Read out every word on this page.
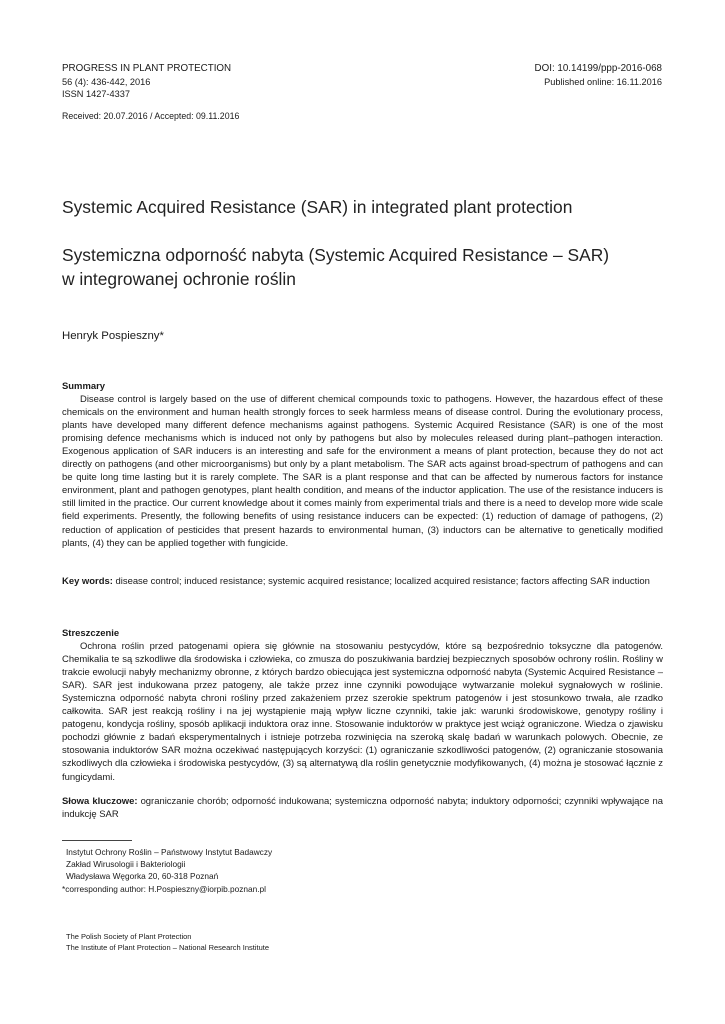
PROGRESS IN PLANT PROTECTION
56 (4): 436-442, 2016
ISSN 1427-4337
DOI: 10.14199/ppp-2016-068
Published online: 16.11.2016
Received: 20.07.2016 / Accepted: 09.11.2016
Systemic Acquired Resistance (SAR) in integrated plant protection
Systemiczna odporność nabyta (Systemic Acquired Resistance – SAR)
w integrowanej ochronie roślin
Henryk Pospieszny*
Summary

Disease control is largely based on the use of different chemical compounds toxic to pathogens. However, the hazardous effect of these chemicals on the environment and human health strongly forces to seek harmless means of disease control. During the evolutionary process, plants have developed many different defence mechanisms against pathogens. Systemic Acquired Resistance (SAR) is one of the most promising defence mechanisms which is induced not only by pathogens but also by molecules released during plant–pathogen interaction. Exogenous application of SAR inducers is an interesting and safe for the environment a means of plant protection, because they do not act directly on pathogens (and other microorganisms) but only by a plant metabolism. The SAR acts against broad-spectrum of pathogens and can be quite long time lasting but it is rarely complete. The SAR is a plant response and that can be affected by numerous factors for instance environment, plant and pathogen genotypes, plant health condition, and means of the inductor application. The use of the resistance inducers is still limited in the practice. Our current knowledge about it comes mainly from experimental trials and there is a need to develop more wide scale field experiments. Presently, the following benefits of using resistance inducers can be expected: (1) reduction of damage of pathogens, (2) reduction of application of pesticides that present hazards to environmental human, (3) inductors can be alternative to genetically modified plants, (4) they can be applied together with fungicide.

Key words: disease control; induced resistance; systemic acquired resistance; localized acquired resistance; factors affecting SAR induction
Streszczenie

Ochrona roślin przed patogenami opiera się głównie na stosowaniu pestycydów, które są bezpośrednio toksyczne dla patogenów. Chemikalia te są szkodliwe dla środowiska i człowieka, co zmusza do poszukiwania bardziej bezpiecznych sposobów ochrony roślin. Rośliny w trakcie ewolucji nabyły mechanizmy obronne, z których bardzo obiecująca jest systemiczna odporność nabyta (Systemic Acquired Resistance – SAR). SAR jest indukowana przez patogeny, ale także przez inne czynniki powodujące wytwarzanie molekuł sygnałowych w roślinie. Systemiczna odporność nabyta chroni rośliny przed zakażeniem przez szerokie spektrum patogenów i jest stosunkowo trwała, ale rzadko całkowita. SAR jest reakcją rośliny i na jej wystąpienie mają wpływ liczne czynniki, takie jak: warunki środowiskowe, genotypy rośliny i patogenu, kondycja rośliny, sposób aplikacji induktora oraz inne. Stosowanie induktorów w praktyce jest wciąż ograniczone. Wiedza o zjawisku pochodzi głównie z badań eksperymentalnych i istnieje potrzeba rozwinięcia na szeroką skalę badań w warunkach polowych. Obecnie, ze stosowania induktorów SAR można oczekiwać następujących korzyści: (1) ograniczanie szkodliwości patogenów, (2) ograniczanie stosowania szkodliwych dla człowieka i środowiska pestycydów, (3) są alternatywą dla roślin genetycznie modyfikowanych, (4) można je stosować łącznie z fungicydami.

Słowa kluczowe: ograniczanie chorób; odporność indukowana; systemiczna odporność nabyta; induktory odporności; czynniki wpływające na indukcję SAR
Instytut Ochrony Roślin – Państwowy Instytut Badawczy
Zakład Wirusologii i Bakteriologii
Władysława Węgorka 20, 60-318 Poznań
*corresponding author: H.Pospieszny@iorpib.poznan.pl
The Polish Society of Plant Protection
The Institute of Plant Protection – National Research Institute
